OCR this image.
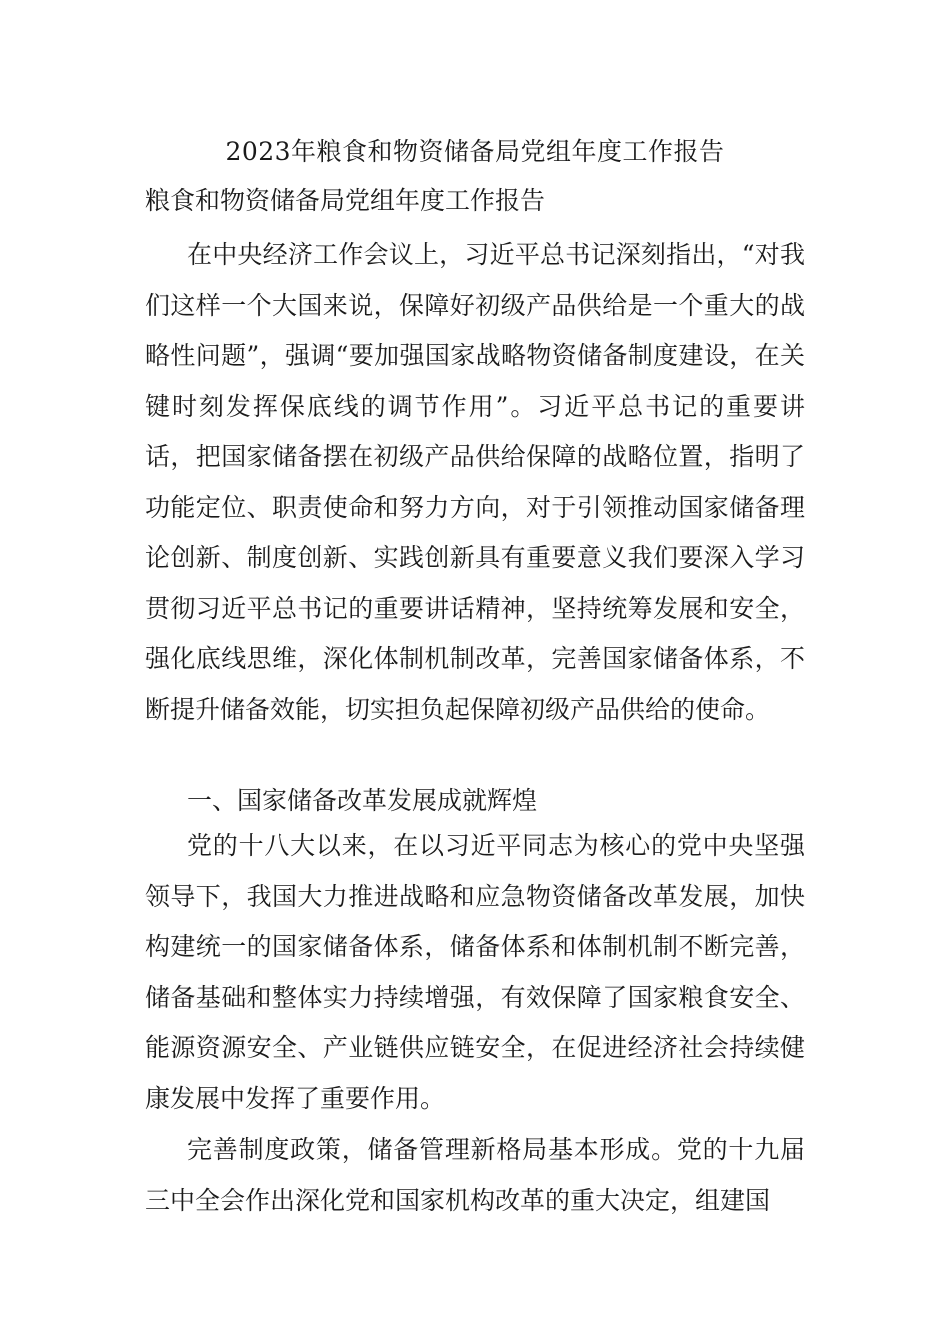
2023年粮食和物资储备局党组年度工作报告
粮食和物资储备局党组年度工作报告

在中央经济工作会议上，习近平总书记深刻指出，“对我们这样一个大国来说，保障好初级产品供给是一个重大的战略性问题”，强调“要加强国家战略物资储备制度建设，在关键时刻发挥保底线的调节作用”。习近平总书记的重要讲话，把国家储备摆在初级产品供给保障的战略位置，指明了功能定位、职责使命和努力方向，对于引领推动国家储备理论创新、制度创新、实践创新具有重要意义我们要深入学习贯彻习近平总书记的重要讲话精神，坚持统筹发展和安全，强化底线思维，深化体制机制改革，完善国家储备体系，不断提升储备效能，切实担负起保障初级产品供给的使命。

一、国家储备改革发展成就辉煌

党的十八大以来，在以习近平同志为核心的党中央坚强领导下，我国大力推进战略和应急物资储备改革发展，加快构建统一的国家储备体系，储备体系和体制机制不断完善，储备基础和整体实力持续增强，有效保障了国家粮食安全、能源资源安全、产业链供应链安全，在促进经济社会持续健康发展中发挥了重要作用。

完善制度政策，储备管理新格局基本形成。党的十九届三中全会作出深化党和国家机构改革的重大决定，组建国
